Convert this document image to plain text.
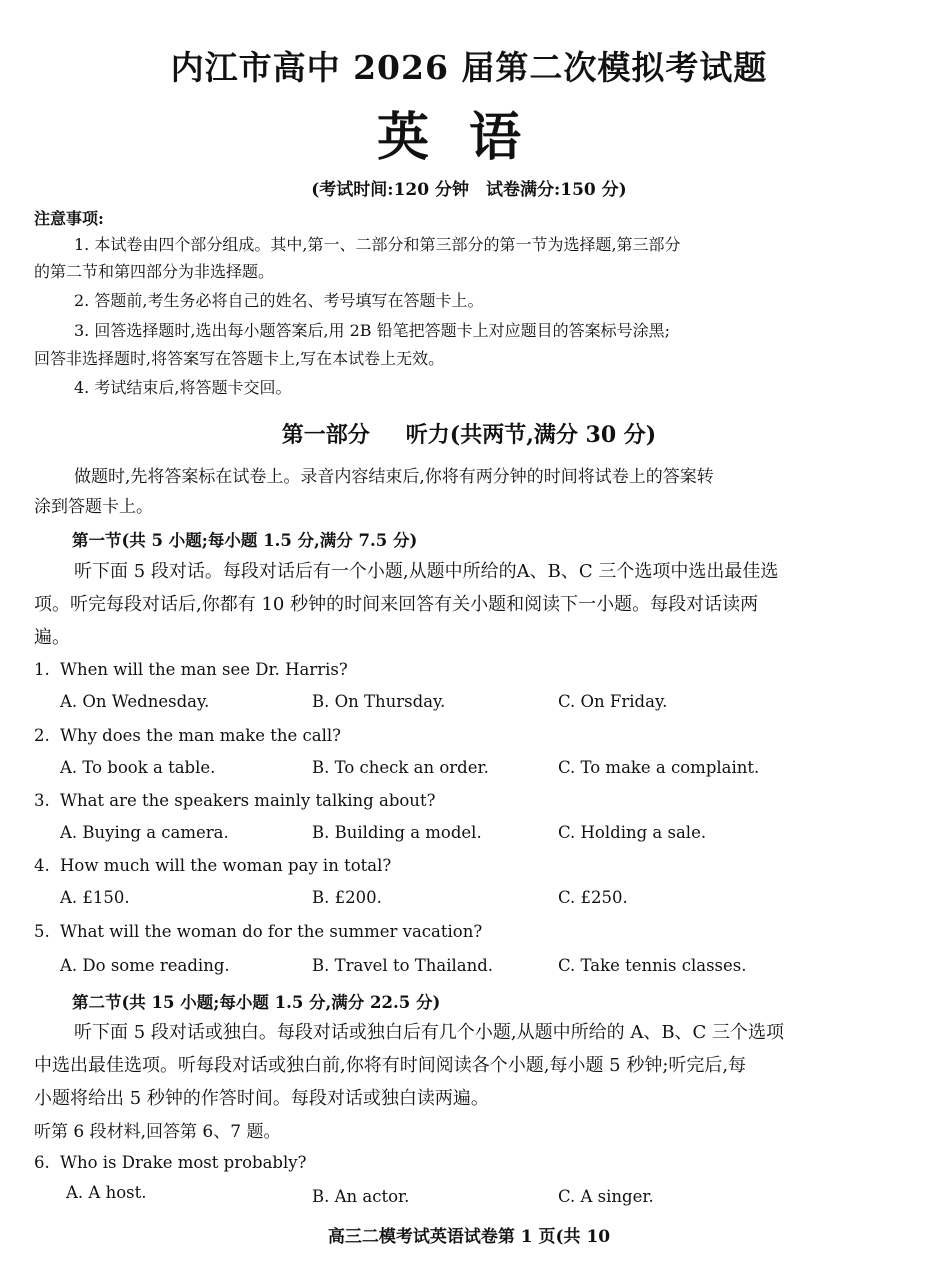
内江市高中 2026 届第二次模拟考试题
英语
(考试时间:120 分钟　试卷满分:150 分)
注意事项:
1. 本试卷由四个部分组成。其中,第一、二部分和第三部分的第一节为选择题,第三部分
的第二节和第四部分为非选择题。
2. 答题前,考生务必将自己的姓名、考号填写在答题卡上。
3. 回答选择题时,选出每小题答案后,用 2B 铅笔把答题卡上对应题目的答案标号涂黑;
回答非选择题时,将答案写在答题卡上,写在本试卷上无效。
4. 考试结束后,将答题卡交回。
第一部分 听力(共两节,满分 30 分)
做题时,先将答案标在试卷上。录音内容结束后,你将有两分钟的时间将试卷上的答案转
涂到答题卡上。
第一节(共 5 小题;每小题 1.5 分,满分 7.5 分)
听下面 5 段对话。每段对话后有一个小题,从题中所给的A、B、C 三个选项中选出最佳选
项。听完每段对话后,你都有 10 秒钟的时间来回答有关小题和阅读下一小题。每段对话读两
遍。
1. When will the man see Dr. Harris?
A. On Wednesday.	B. On Thursday.	C. On Friday.
2. Why does the man make the call?
A. To book a table.	B. To check an order.	C. To make a complaint.
3. What are the speakers mainly talking about?
A. Buying a camera.	B. Building a model.	C. Holding a sale.
4. How much will the woman pay in total?
A. £150.	B. £200.	C. £250.
5. What will the woman do for the summer vacation?
A. Do some reading.	B. Travel to Thailand.	C. Take tennis classes.
第二节(共 15 小题;每小题 1.5 分,满分 22.5 分)
听下面 5 段对话或独白。每段对话或独白后有几个小题,从题中所给的 A、B、C 三个选项
中选出最佳选项。听每段对话或独白前,你将有时间阅读各个小题,每小题 5 秒钟;听完后,每
小题将给出 5 秒钟的作答时间。每段对话或独白读两遍。
听第 6 段材料,回答第 6、7 题。
6. Who is Drake most probably?
A. A host.	B. An actor.	C. A singer.
高三二模考试英语试卷第 1 页(共 10
